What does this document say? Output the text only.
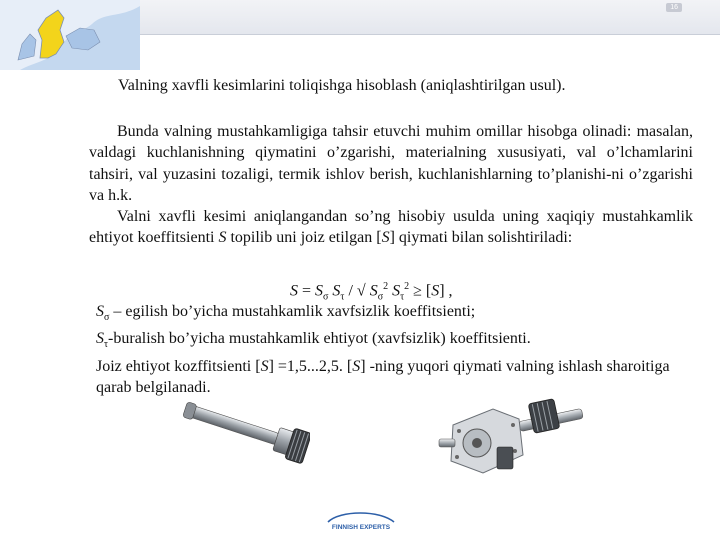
16
Valning xavfli kesimlarini toliqishga hisoblash (aniqlashtirilgan usul).
Bunda valning mustahkamligiga tahsir etuvchi muhim omillar hisobga olinadi: masalan, valdagi kuchlanishning qiymatini o’zgarishi, materialning xususiyati, val o’lchamlarini tahsiri, val yuzasini tozaligi, termik ishlov berish, kuchlanishlarning to’planishi-ni o’zgarishi va h.k.
Valni xavfli kesimi aniqlangandan so’ng hisobiy usulda uning xaqiqiy mustahkamlik ehtiyot koeffitsienti S topilib uni joiz etilgan [S] qiymati bilan solishtiriladi:
$S = S_\sigma$ $S_\tau$ / √ $S_\sigma^2$ $S_\tau^2 \ge [S]$ ,
$S_\sigma$ – egilish bo’yicha mustahkamlik xavfsizlik koeffitsienti;
$S_\tau$-buralish bo’yicha mustahkamlik ehtiyot (xavfsizlik) koeffitsienti.
Joiz ehtiyot kozffitsienti [S] =1,5...2,5. [S] -ning yuqori qiymati valning ishlash sharoitiga qarab belgilanadi.
FINNISH EXPERTS
